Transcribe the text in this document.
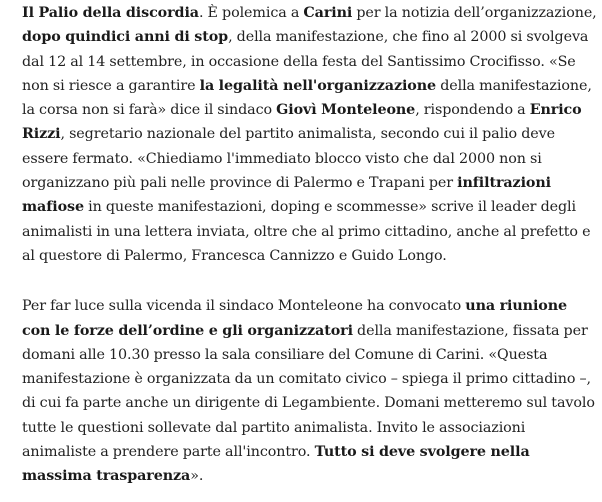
Il Palio della discordia. È polemica a Carini per la notizia dell’organizzazione, dopo quindici anni di stop, della manifestazione, che fino al 2000 si svolgeva dal 12 al 14 settembre, in occasione della festa del Santissimo Crocifisso. «Se non si riesce a garantire la legalità nell'organizzazione della manifestazione, la corsa non si farà» dice il sindaco Giovì Monteleone, rispondendo a Enrico Rizzi, segretario nazionale del partito animalista, secondo cui il palio deve essere fermato. «Chiediamo l'immediato blocco visto che dal 2000 non si organizzano più pali nelle province di Palermo e Trapani per infiltrazioni mafiose in queste manifestazioni, doping e scommesse» scrive il leader degli animalisti in una lettera inviata, oltre che al primo cittadino, anche al prefetto e al questore di Palermo, Francesca Cannizzo e Guido Longo.

Per far luce sulla vicenda il sindaco Monteleone ha convocato una riunione con le forze dell’ordine e gli organizzatori della manifestazione, fissata per domani alle 10.30 presso la sala consiliare del Comune di Carini. «Questa manifestazione è organizzata da un comitato civico – spiega il primo cittadino –, di cui fa parte anche un dirigente di Legambiente. Domani metteremo sul tavolo tutte le questioni sollevate dal partito animalista. Invito le associazioni animaliste a prendere parte all'incontro. Tutto si deve svolgere nella massima trasparenza».
